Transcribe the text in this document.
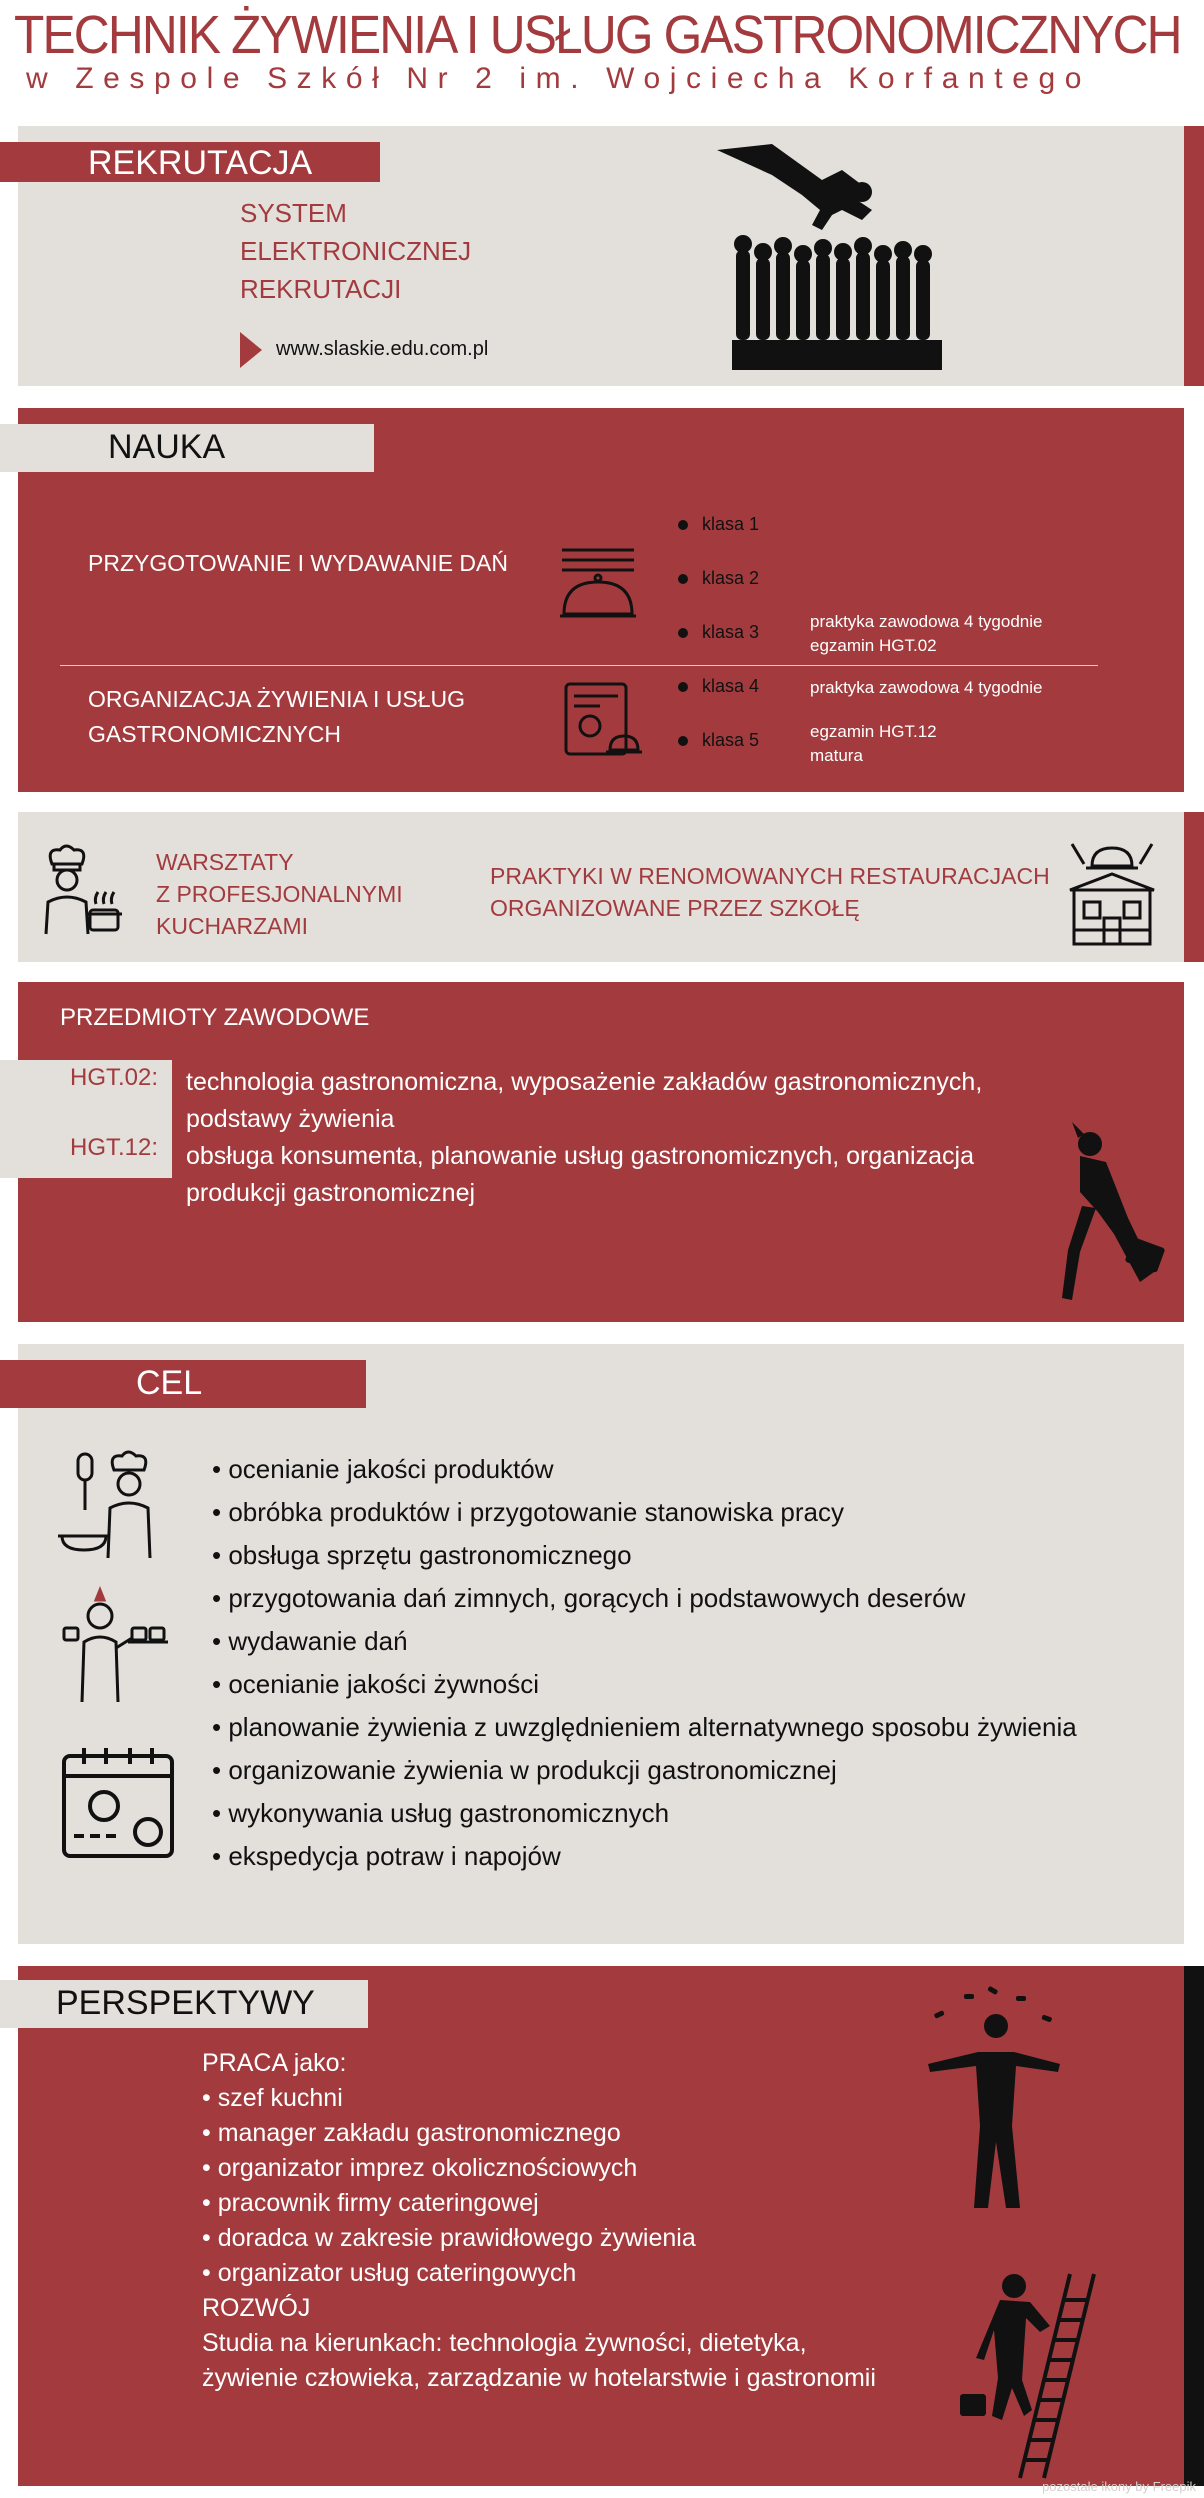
TECHNIK ŻYWIENIA I USŁUG GASTRONOMICZNYCH
w Zespole Szkół Nr 2 im. Wojciecha Korfantego
REKRUTACJA
SYSTEM
ELEKTRONICZNEJ
REKRUTACJI
www.slaskie.edu.com.pl
NAUKA
PRZYGOTOWANIE I WYDAWANIE DAŃ
ORGANIZACJA ŻYWIENIA I USŁUG
GASTRONOMICZNYCH
klasa 1
klasa 2
klasa 3
klasa 4
klasa 5
praktyka zawodowa 4 tygodnie
egzamin HGT.02
praktyka zawodowa 4 tygodnie
egzamin HGT.12
matura
WARSZTATY
Z PROFESJONALNYMI
KUCHARZAMI
PRAKTYKI W RENOMOWANYCH RESTAURACJACH
ORGANIZOWANE PRZEZ SZKOŁĘ
PRZEDMIOTY ZAWODOWE
HGT.02:
HGT.12:
technologia gastronomiczna, wyposażenie zakładów gastronomicznych,
podstawy żywienia
obsługa konsumenta, planowanie usług gastronomicznych, organizacja
produkcji gastronomicznej
CEL
• ocenianie jakości produktów
• obróbka produktów i przygotowanie stanowiska pracy
• obsługa sprzętu gastronomicznego
• przygotowania dań zimnych, gorących i podstawowych deserów
• wydawanie dań
• ocenianie jakości żywności
• planowanie żywienia z uwzględnieniem alternatywnego sposobu żywienia
• organizowanie żywienia w produkcji gastronomicznej
• wykonywania usług gastronomicznych
• ekspedycja potraw i napojów
PERSPEKTYWY
PRACA jako:
• szef kuchni
• manager zakładu gastronomicznego
• organizator imprez okolicznościowych
• pracownik firmy cateringowej
• doradca w zakresie prawidłowego żywienia
• organizator usług cateringowych
ROZWÓJ
Studia na kierunkach: technologia żywności, dietetyka,
żywienie człowieka, zarządzanie w hotelarstwie i gastronomii
pozostałe ikony by Freepik
